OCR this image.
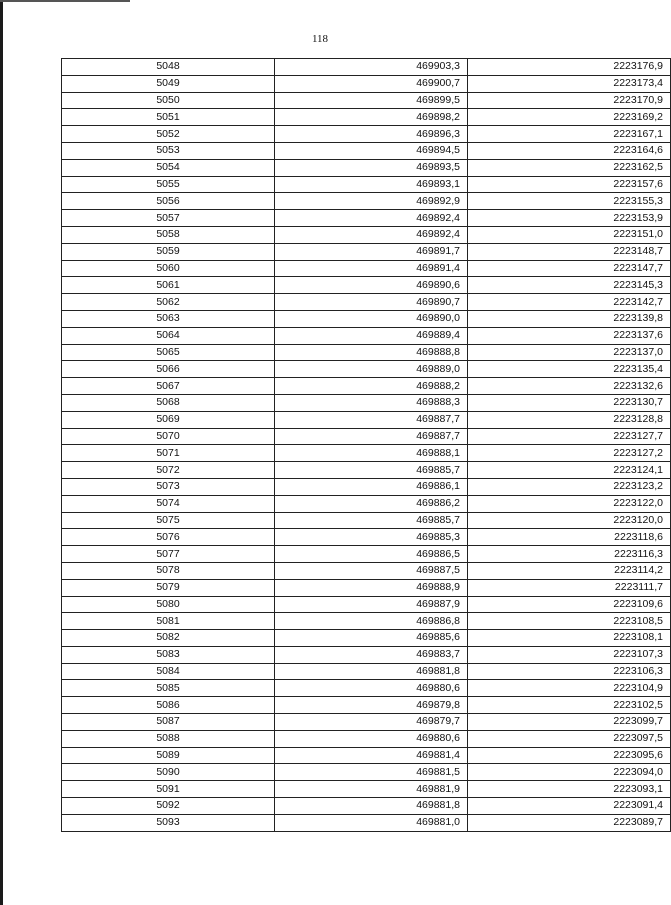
118
5048	469903,3	2223176,9
5049	469900,7	2223173,4
5050	469899,5	2223170,9
5051	469898,2	2223169,2
5052	469896,3	2223167,1
5053	469894,5	2223164,6
5054	469893,5	2223162,5
5055	469893,1	2223157,6
5056	469892,9	2223155,3
5057	469892,4	2223153,9
5058	469892,4	2223151,0
5059	469891,7	2223148,7
5060	469891,4	2223147,7
5061	469890,6	2223145,3
5062	469890,7	2223142,7
5063	469890,0	2223139,8
5064	469889,4	2223137,6
5065	469888,8	2223137,0
5066	469889,0	2223135,4
5067	469888,2	2223132,6
5068	469888,3	2223130,7
5069	469887,7	2223128,8
5070	469887,7	2223127,7
5071	469888,1	2223127,2
5072	469885,7	2223124,1
5073	469886,1	2223123,2
5074	469886,2	2223122,0
5075	469885,7	2223120,0
5076	469885,3	2223118,6
5077	469886,5	2223116,3
5078	469887,5	2223114,2
5079	469888,9	2223111,7
5080	469887,9	2223109,6
5081	469886,8	2223108,5
5082	469885,6	2223108,1
5083	469883,7	2223107,3
5084	469881,8	2223106,3
5085	469880,6	2223104,9
5086	469879,8	2223102,5
5087	469879,7	2223099,7
5088	469880,6	2223097,5
5089	469881,4	2223095,6
5090	469881,5	2223094,0
5091	469881,9	2223093,1
5092	469881,8	2223091,4
5093	469881,0	2223089,7
